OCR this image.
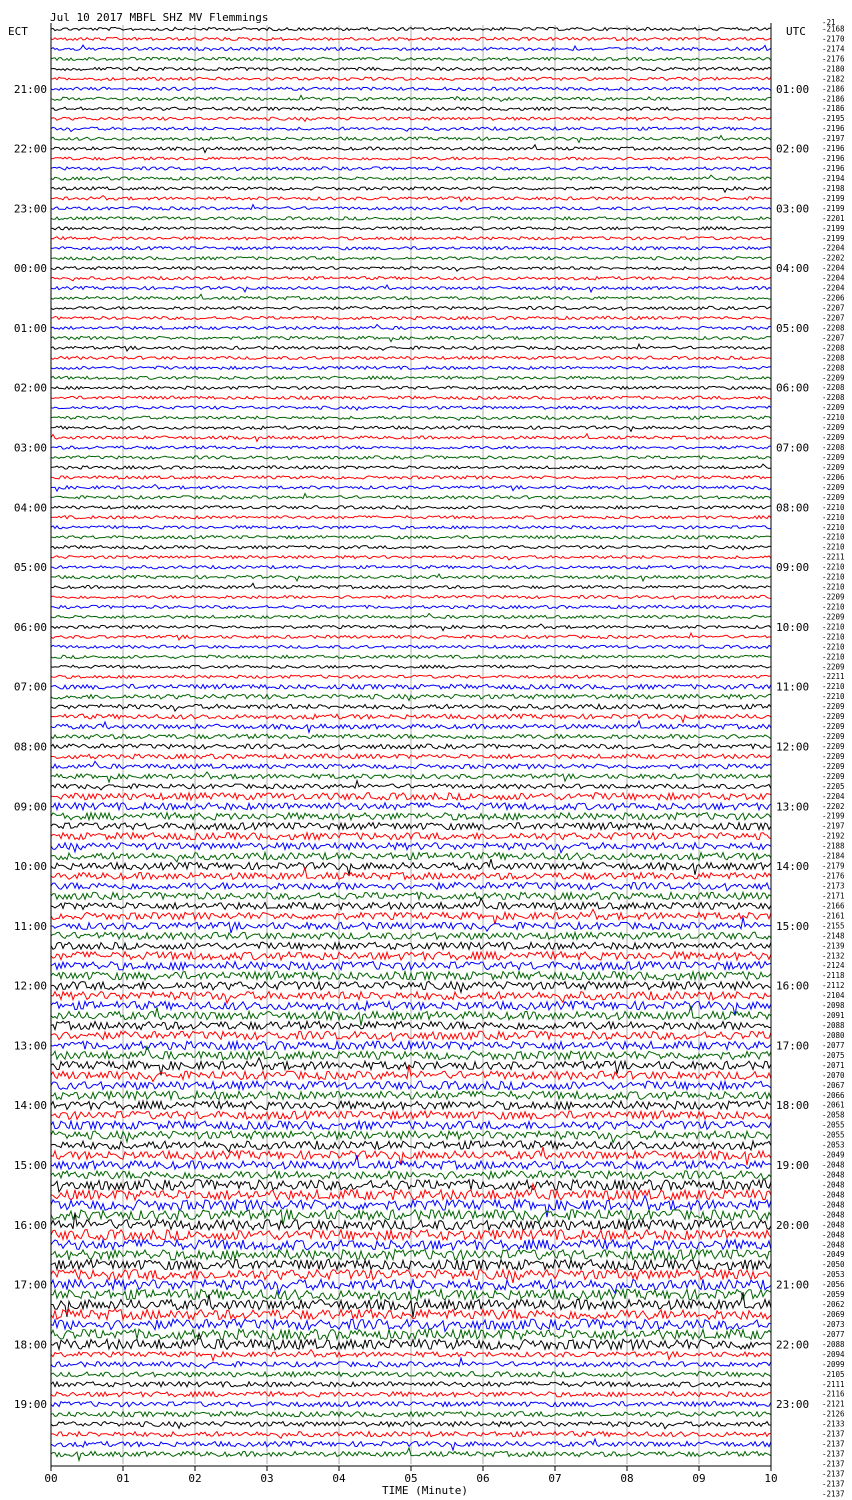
Jul 10 2017 MBFL SHZ MV Flemmings
ECT	UTC
TIME (Minute)
00	01	02	03	04	05	06	07	08	09	10
21:00
22:00
23:00
00:00
01:00
02:00
03:00
04:00
05:00
06:00
07:00
08:00
09:00
10:00
11:00
12:00
13:00
14:00
15:00
16:00
17:00
18:00
19:00
01:00
02:00
03:00
04:00
05:00
06:00
07:00
08:00
09:00
10:00
11:00
12:00
13:00
14:00
15:00
16:00
17:00
18:00
19:00
20:00
21:00
22:00
23:00
-2168
-2170
-2174
-2176
-2180
-2182
-2186
-2186
-2186
-2195
-2196
-2197
-2196
-2196
-2196
-2194
-2198
-2199
-2199
-2201
-2199
-2199
-2204
-2202
-2204
-2204
-2204
-2206
-2207
-2207
-2208
-2207
-2208
-2208
-2208
-2209
-2208
-2208
-2209
-2210
-2209
-2209
-2208
-2209
-2209
-2206
-2209
-2209
-2210
-2210
-2210
-2210
-2210
-2211
-2210
-2210
-2210
-2209
-2210
-2209
-2210
-2210
-2210
-2210
-2209
-2211
-2210
-2210
-2209
-2209
-2209
-2209
-2209
-2209
-2209
-2209
-2205
-2204
-2202
-2199
-2197
-2192
-2188
-2184
-2179
-2176
-2173
-2171
-2166
-2161
-2155
-2148
-2139
-2132
-2124
-2118
-2112
-2104
-2098
-2091
-2088
-2080
-2077
-2075
-2071
-2070
-2067
-2066
-2061
-2058
-2055
-2055
-2053
-2049
-2048
-2048
-2048
-2048
-2048
-2048
-2048
-2048
-2048
-2049
-2050
-2053
-2056
-2059
-2062
-2069
-2073
-2077
-2088
-2094
-2099
-2105
-2111
-2116
-2121
-2126
-2133
-2137
-2137
-2137
-2137
-2137
-2137
-2137
-21
